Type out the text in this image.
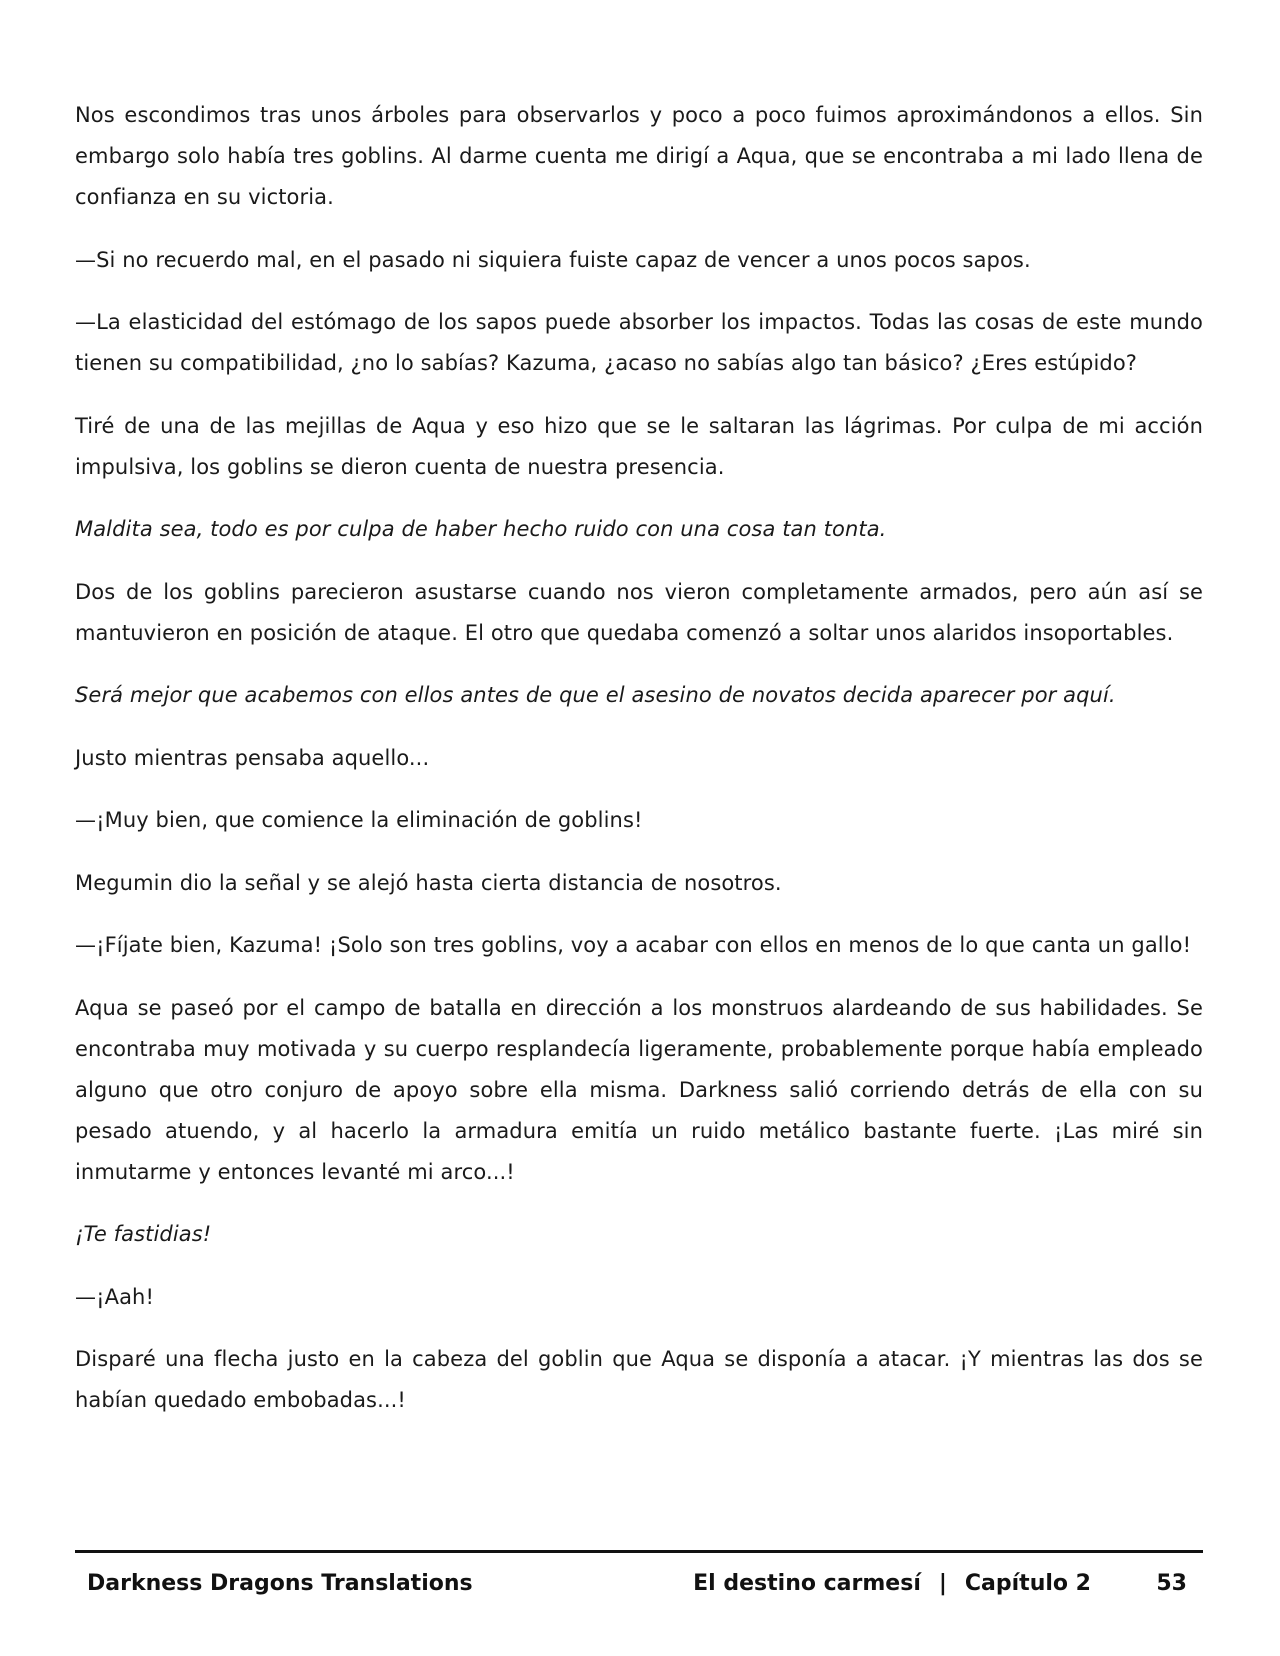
Nos escondimos tras unos árboles para observarlos y poco a poco fuimos aproximándonos a ellos. Sin embargo solo había tres goblins. Al darme cuenta me dirigí a Aqua, que se encontraba a mi lado llena de confianza en su victoria.

—Si no recuerdo mal, en el pasado ni siquiera fuiste capaz de vencer a unos pocos sapos.

—La elasticidad del estómago de los sapos puede absorber los impactos. Todas las cosas de este mundo tienen su compatibilidad, ¿no lo sabías? Kazuma, ¿acaso no sabías algo tan básico? ¿Eres estúpido?

Tiré de una de las mejillas de Aqua y eso hizo que se le saltaran las lágrimas. Por culpa de mi acción impulsiva, los goblins se dieron cuenta de nuestra presencia.

Maldita sea, todo es por culpa de haber hecho ruido con una cosa tan tonta.

Dos de los goblins parecieron asustarse cuando nos vieron completamente armados, pero aún así se mantuvieron en posición de ataque. El otro que quedaba comenzó a soltar unos alaridos insoportables.

Será mejor que acabemos con ellos antes de que el asesino de novatos decida aparecer por aquí.

Justo mientras pensaba aquello...

—¡Muy bien, que comience la eliminación de goblins!

Megumin dio la señal y se alejó hasta cierta distancia de nosotros.

—¡Fíjate bien, Kazuma! ¡Solo son tres goblins, voy a acabar con ellos en menos de lo que canta un gallo!

Aqua se paseó por el campo de batalla en dirección a los monstruos alardeando de sus habilidades. Se encontraba muy motivada y su cuerpo resplandecía ligeramente, probablemente porque había empleado alguno que otro conjuro de apoyo sobre ella misma. Darkness salió corriendo detrás de ella con su pesado atuendo, y al hacerlo la armadura emitía un ruido metálico bastante fuerte. ¡Las miré sin inmutarme y entonces levanté mi arco...!

¡Te fastidias!

—¡Aah!

Disparé una flecha justo en la cabeza del goblin que Aqua se disponía a atacar. ¡Y mientras las dos se habían quedado embobadas...!

Darkness Dragons Translations	El destino carmesí | Capítulo 2	53
